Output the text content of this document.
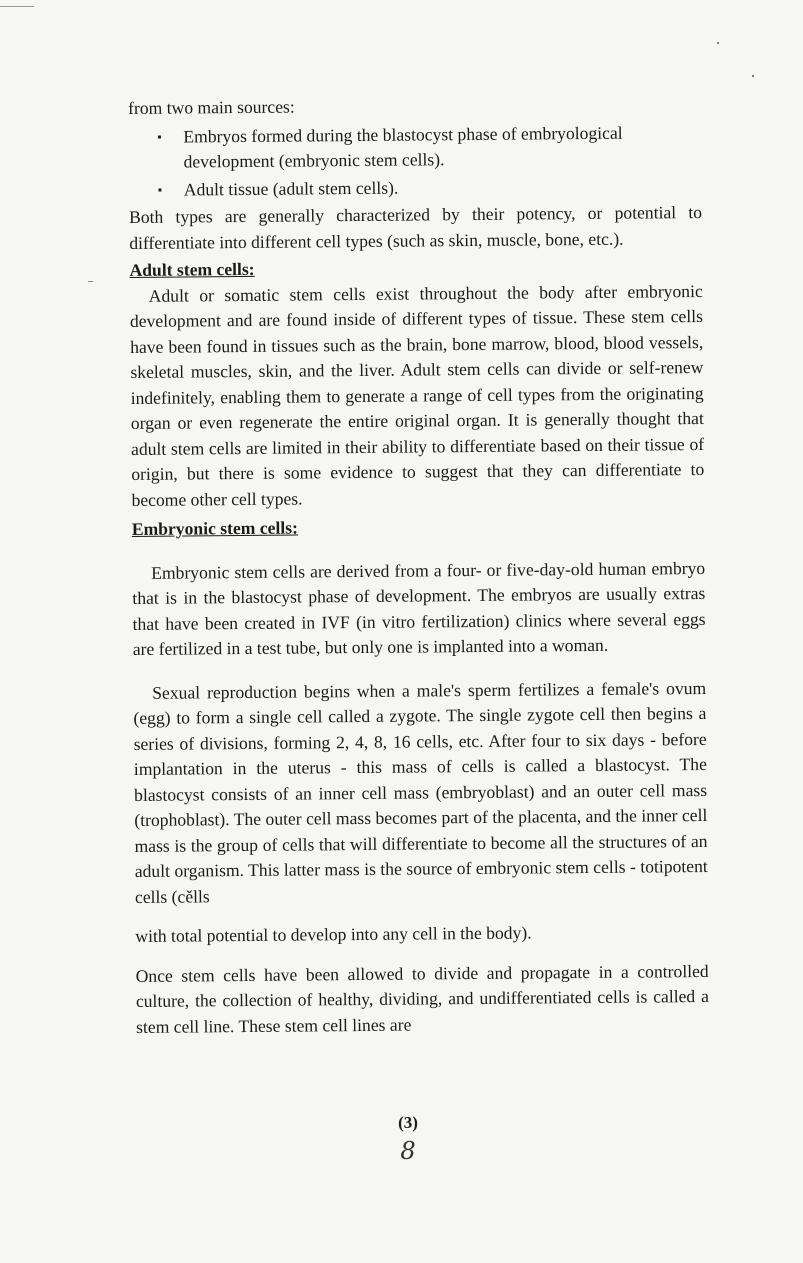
from two main sources:

▪ Embryos formed during the blastocyst phase of embryological development (embryonic stem cells).
▪ Adult tissue (adult stem cells).

Both types are generally characterized by their potency, or potential to differentiate into different cell types (such as skin, muscle, bone, etc.).

Adult stem cells:

Adult or somatic stem cells exist throughout the body after embryonic development and are found inside of different types of tissue. These stem cells have been found in tissues such as the brain, bone marrow, blood, blood vessels, skeletal muscles, skin, and the liver. Adult stem cells can divide or self-renew indefinitely, enabling them to generate a range of cell types from the originating organ or even regenerate the entire original organ. It is generally thought that adult stem cells are limited in their ability to differentiate based on their tissue of origin, but there is some evidence to suggest that they can differentiate to become other cell types.

Embryonic stem cells:

Embryonic stem cells are derived from a four- or five-day-old human embryo that is in the blastocyst phase of development. The embryos are usually extras that have been created in IVF (in vitro fertilization) clinics where several eggs are fertilized in a test tube, but only one is implanted into a woman.

Sexual reproduction begins when a male's sperm fertilizes a female's ovum (egg) to form a single cell called a zygote. The single zygote cell then begins a series of divisions, forming 2, 4, 8, 16 cells, etc. After four to six days - before implantation in the uterus - this mass of cells is called a blastocyst. The blastocyst consists of an inner cell mass (embryoblast) and an outer cell mass (trophoblast). The outer cell mass becomes part of the placenta, and the inner cell mass is the group of cells that will differentiate to become all the structures of an adult organism. This latter mass is the source of embryonic stem cells - totipotent cells (cělls

with total potential to develop into any cell in the body).

Once stem cells have been allowed to divide and propagate in a controlled culture, the collection of healthy, dividing, and undifferentiated cells is called a stem cell line. These stem cell lines are

(3)
8
